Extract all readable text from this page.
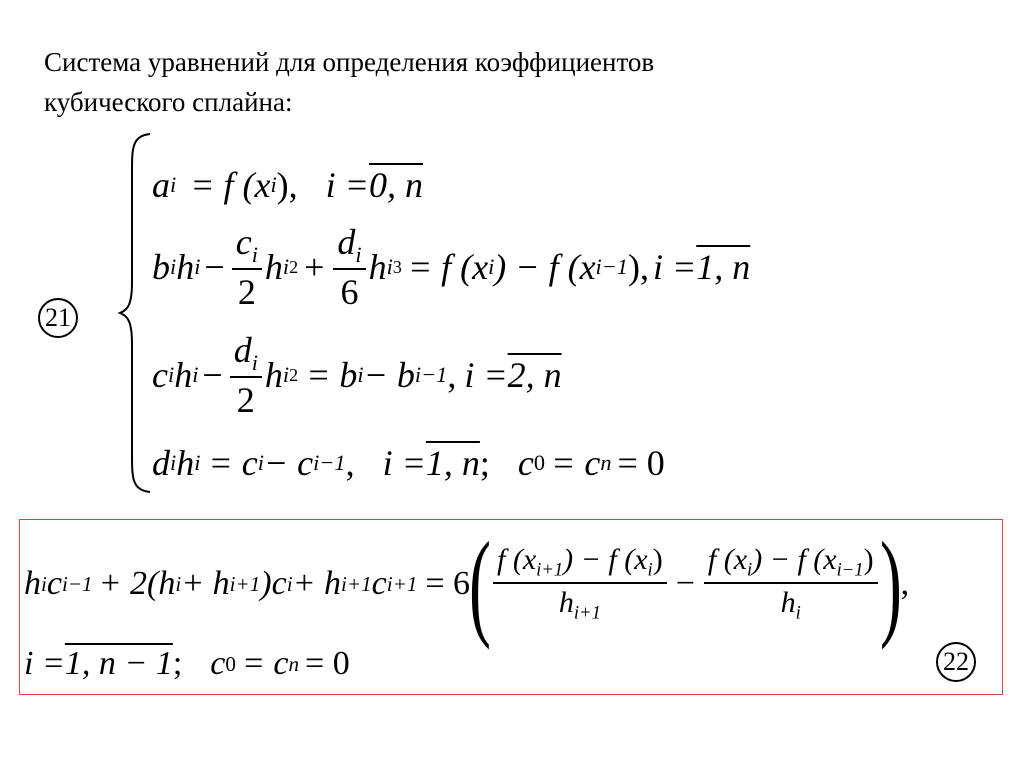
Система уравнений для определения коэффициентов
кубического сплайна:
21
a i = f (x i ), i = 0, n
b i h $i - \frac{c_i}{2}$ h i $2 + \frac{d_i}{6}$ h i 3 = f (x i ) − f (x i−1 ), i = 1, n
c i h $i - \frac{d_i}{2}$ h i 2 = b i − b i−1 , i = 2, n
d i h i = c i − c i−1 , i = 1, n ; c 0 = c n = 0
h i c i−1 + 2(h i + h i+1 )c i + h i+1 c i+1 = 6
( $\frac{f (x_{i+1}) - f (x_i)}{h_{i+1}} - \frac{f (x_i) - f (x_{i-1})}{h_i}$ )
,
i = 1, n − 1 ; c 0 = c n = 0	22
